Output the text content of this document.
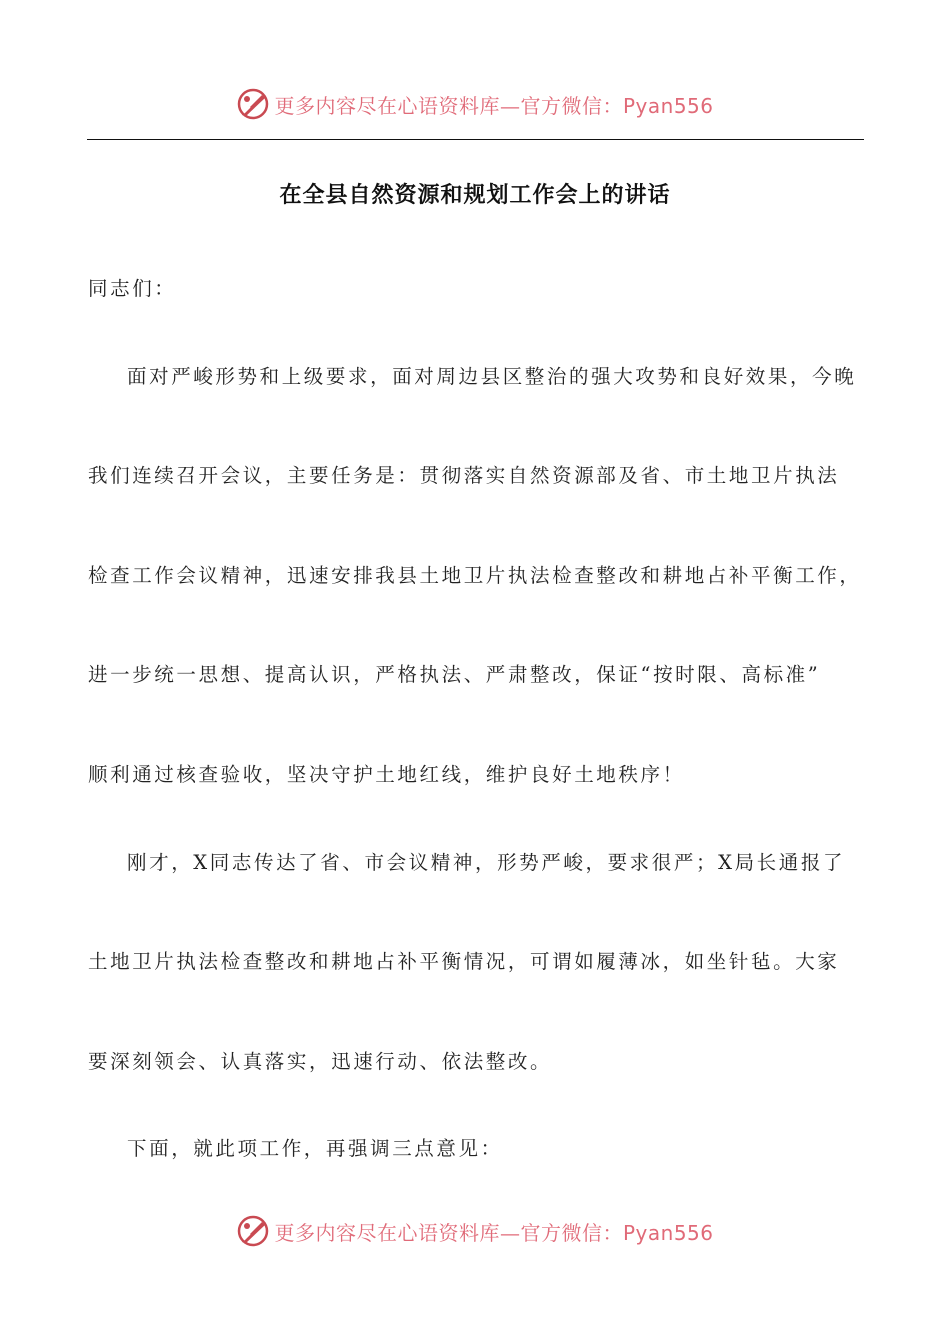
更多内容尽在心语资料库—官方微信：Pyan556
在全县自然资源和规划工作会上的讲话
同志们：
面对严峻形势和上级要求，面对周边县区整治的强大攻势和良好效果，今晚
我们连续召开会议，主要任务是：贯彻落实自然资源部及省、市土地卫片执法
检查工作会议精神，迅速安排我县土地卫片执法检查整改和耕地占补平衡工作，
进一步统一思想、提高认识，严格执法、严肃整改，保证“按时限、高标准”
顺利通过核查验收，坚决守护土地红线，维护良好土地秩序！
刚才，X同志传达了省、市会议精神，形势严峻，要求很严；X局长通报了
土地卫片执法检查整改和耕地占补平衡情况，可谓如履薄冰，如坐针毡。大家
要深刻领会、认真落实，迅速行动、依法整改。
下面，就此项工作，再强调三点意见：
更多内容尽在心语资料库—官方微信：Pyan556
